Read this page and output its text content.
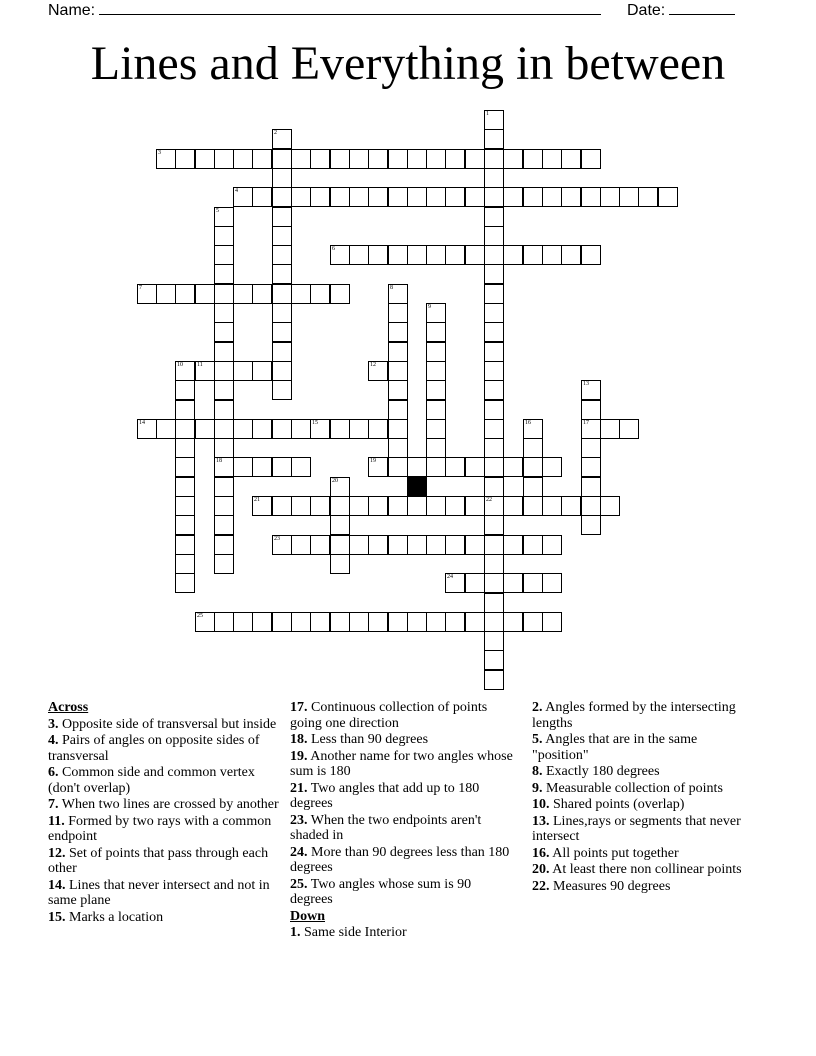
Name:	Date:
Lines and Everything in between
1
22
2
3
4
5
18
6
7	8
9
10 11	12
13
17
14	15	16
19
20
21
23
24
25
Across
3. Opposite side of transversal but inside
4. Pairs of angles on opposite sides of transversal
6. Common side and common vertex (don't overlap)
7. When two lines are crossed by another
11. Formed by two rays with a common endpoint
12. Set of points that pass through each other
14. Lines that never intersect and not in same plane
15. Marks a location
17. Continuous collection of points going one direction
18. Less than 90 degrees
19. Another name for two angles whose sum is 180
21. Two angles that add up to 180 degrees
23. When the two endpoints aren't shaded in
24. More than 90 degrees less than 180 degrees
25. Two angles whose sum is 90 degrees
Down
1. Same side Interior
2. Angles formed by the intersecting lengths
5. Angles that are in the same "position"
8. Exactly 180 degrees
9. Measurable collection of points
10. Shared points (overlap)
13. Lines,rays or segments that never intersect
16. All points put together
20. At least there non collinear points
22. Measures 90 degrees
